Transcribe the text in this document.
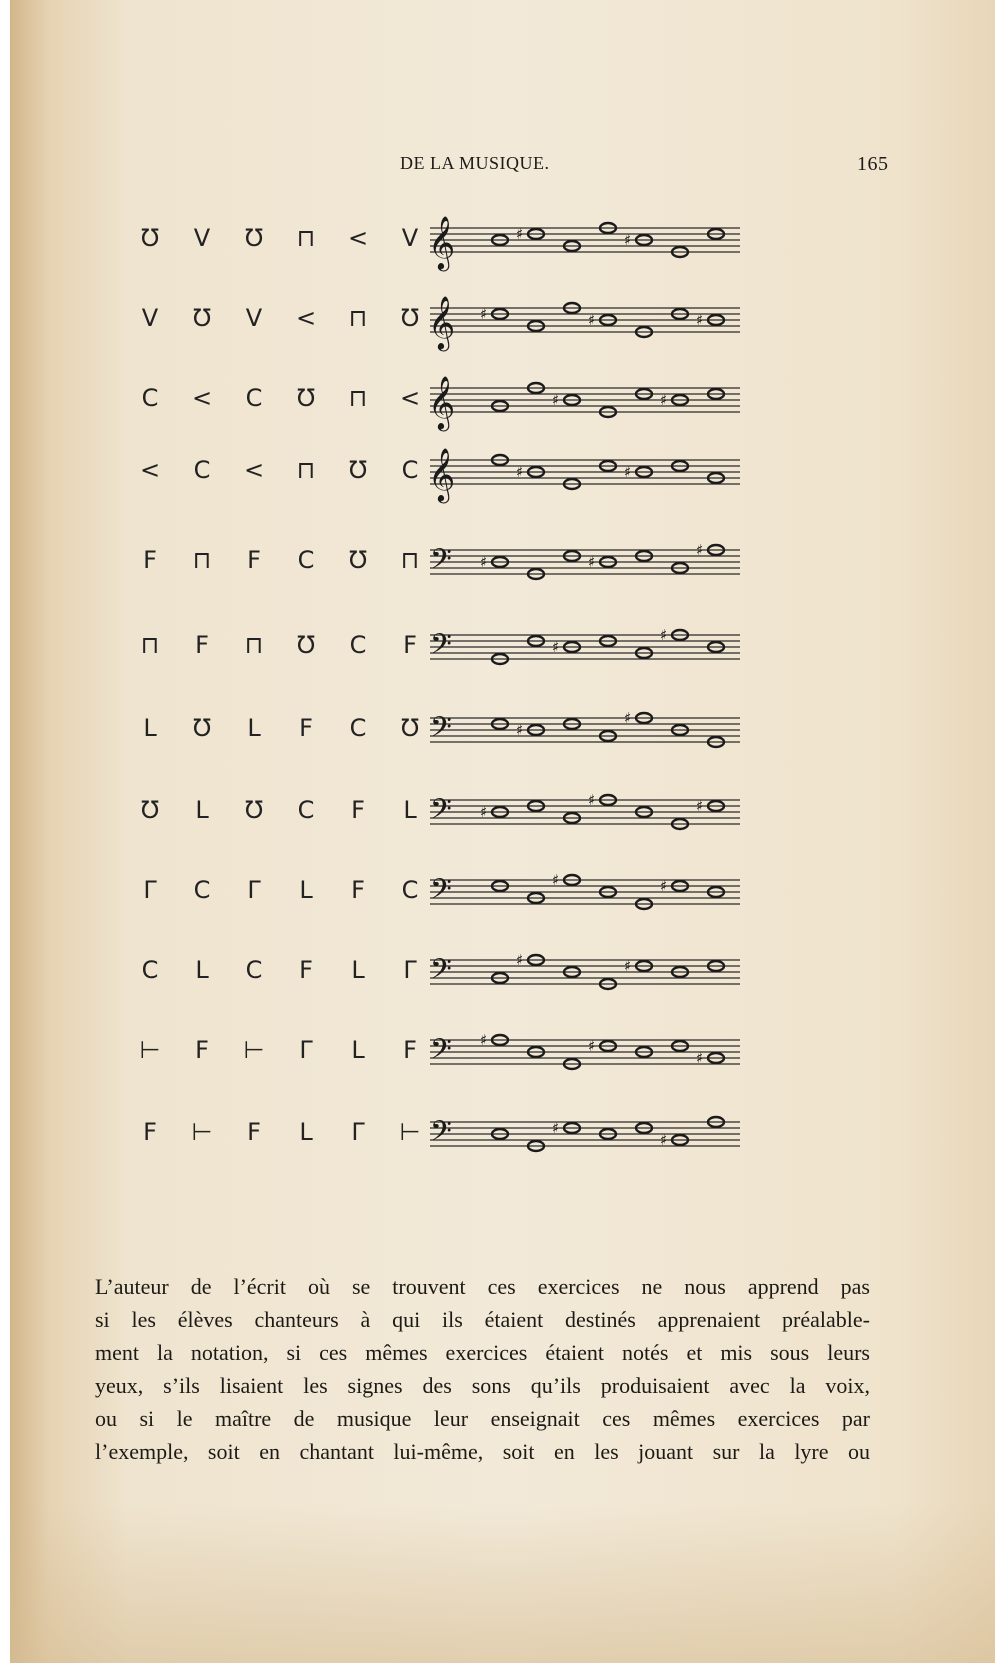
DE LA MUSIQUE.	165
Ʊ	V	Ʊ	⊓	<	V 𝄞	♯	♯
V	Ʊ	V	<	⊓	Ʊ 𝄞 ♯	♯	♯
C	<	C	Ʊ	⊓	< 𝄞	♯	♯
<	C	<	⊓	Ʊ	C 𝄞	♯	♯
F	⊓	F	C	Ʊ	⊓ 𝄢 ♯	♯
♯
⊓	F	⊓	Ʊ	C	F 𝄢	♯
♯
L	Ʊ	L	F	C	Ʊ 𝄢	♯
♯
Ʊ	L	Ʊ	C	F	L 𝄢 ♯
♯	♯
Γ	C	Γ	L	F	C 𝄢	♯	♯
C	L	C	F	L	Γ 𝄢	♯	♯
⊢	F	⊢	Γ	L	F 𝄢 ♯	♯
♯
F	⊢	F	L	Γ	⊢ 𝄢	♯
♯
L’auteur de l’écrit où se trouvent ces exercices ne nous apprend pas
si les élèves chanteurs à qui ils étaient destinés apprenaient préalable-
ment la notation, si ces mêmes exercices étaient notés et mis sous leurs
yeux, s’ils lisaient les signes des sons qu’ils produisaient avec la voix,
ou si le maître de musique leur enseignait ces mêmes exercices par
l’exemple, soit en chantant lui-même, soit en les jouant sur la lyre ou
